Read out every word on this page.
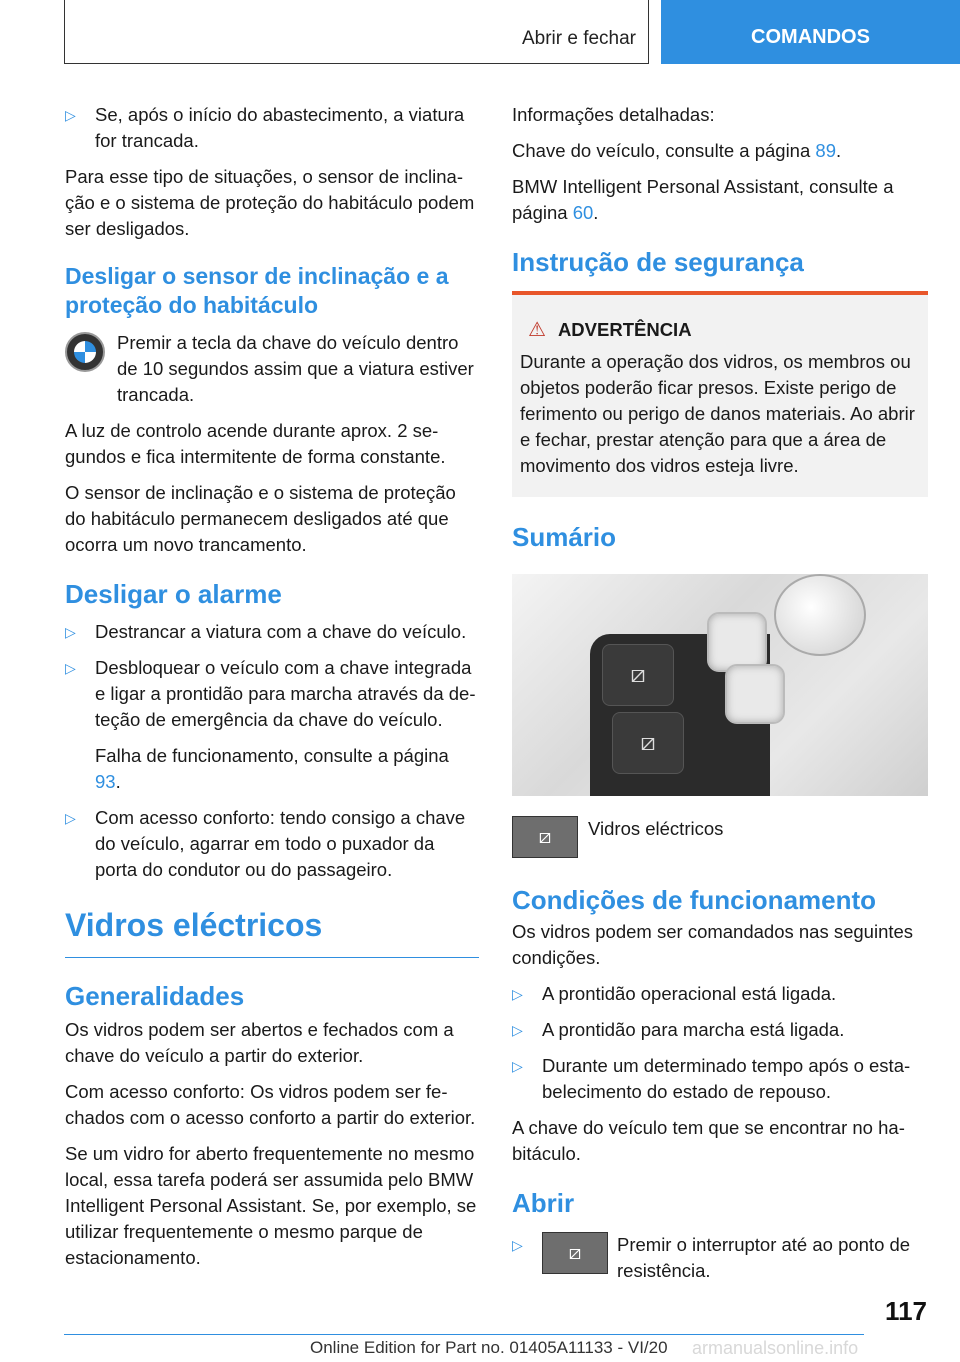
Abrir e fechar	COMANDOS
▷ Se, após o início do abastecimento, a viatura for trancada.

Para esse tipo de situações, o sensor de inclinação e o sistema de proteção do habitáculo podem ser desligados.

Desligar o sensor de inclinação e a proteção do habitáculo
Premir a tecla da chave do veículo dentro de 10 segundos assim que a viatura estiver trancada.

A luz de controlo acende durante aprox. 2 segundos e fica intermitente de forma constante.

O sensor de inclinação e o sistema de proteção do habitáculo permanecem desligados até que ocorra um novo trancamento.

Desligar o alarme
▷ Destrancar a viatura com a chave do veículo.
▷ Desbloquear o veículo com a chave integrada e ligar a prontidão para marcha através da deteção de emergência da chave do veículo.
Falha de funcionamento, consulte a página 93.
▷ Com acesso conforto: tendo consigo a chave do veículo, agarrar em todo o puxador da porta do condutor ou do passageiro.
Vidros eléctricos
Generalidades

Os vidros podem ser abertos e fechados com a chave do veículo a partir do exterior.

Com acesso conforto: Os vidros podem ser fechados com o acesso conforto a partir do exterior.

Se um vidro for aberto frequentemente no mesmo local, essa tarefa poderá ser assumida pelo BMW Intelligent Personal Assistant. Se, por exemplo, se utilizar frequentemente o mesmo parque de estacionamento.

Informações detalhadas:

Chave do veículo, consulte a página 89.

BMW Intelligent Personal Assistant, consulte a página 60.

Instrução de segurança
⚠ ADVERTÊNCIA
Durante a operação dos vidros, os membros ou objetos poderão ficar presos. Existe perigo de ferimento ou perigo de danos materiais. Ao abrir e fechar, prestar atenção para que a área de movimento dos vidros esteja livre.
Sumário
⧄
⧄
⧄	Vidros eléctricos
Condições de funcionamento

Os vidros podem ser comandados nas seguintes condições.

▷ A prontidão operacional está ligada.
▷ A prontidão para marcha está ligada.
▷ Durante um determinado tempo após o estabelecimento do estado de repouso.

A chave do veículo tem que se encontrar no habitáculo.

Abrir
▷	⧄	Premir o interruptor até ao ponto de resistência.
117
Online Edition for Part no. 01405A11133 - VI/20 armanualsonline.info
